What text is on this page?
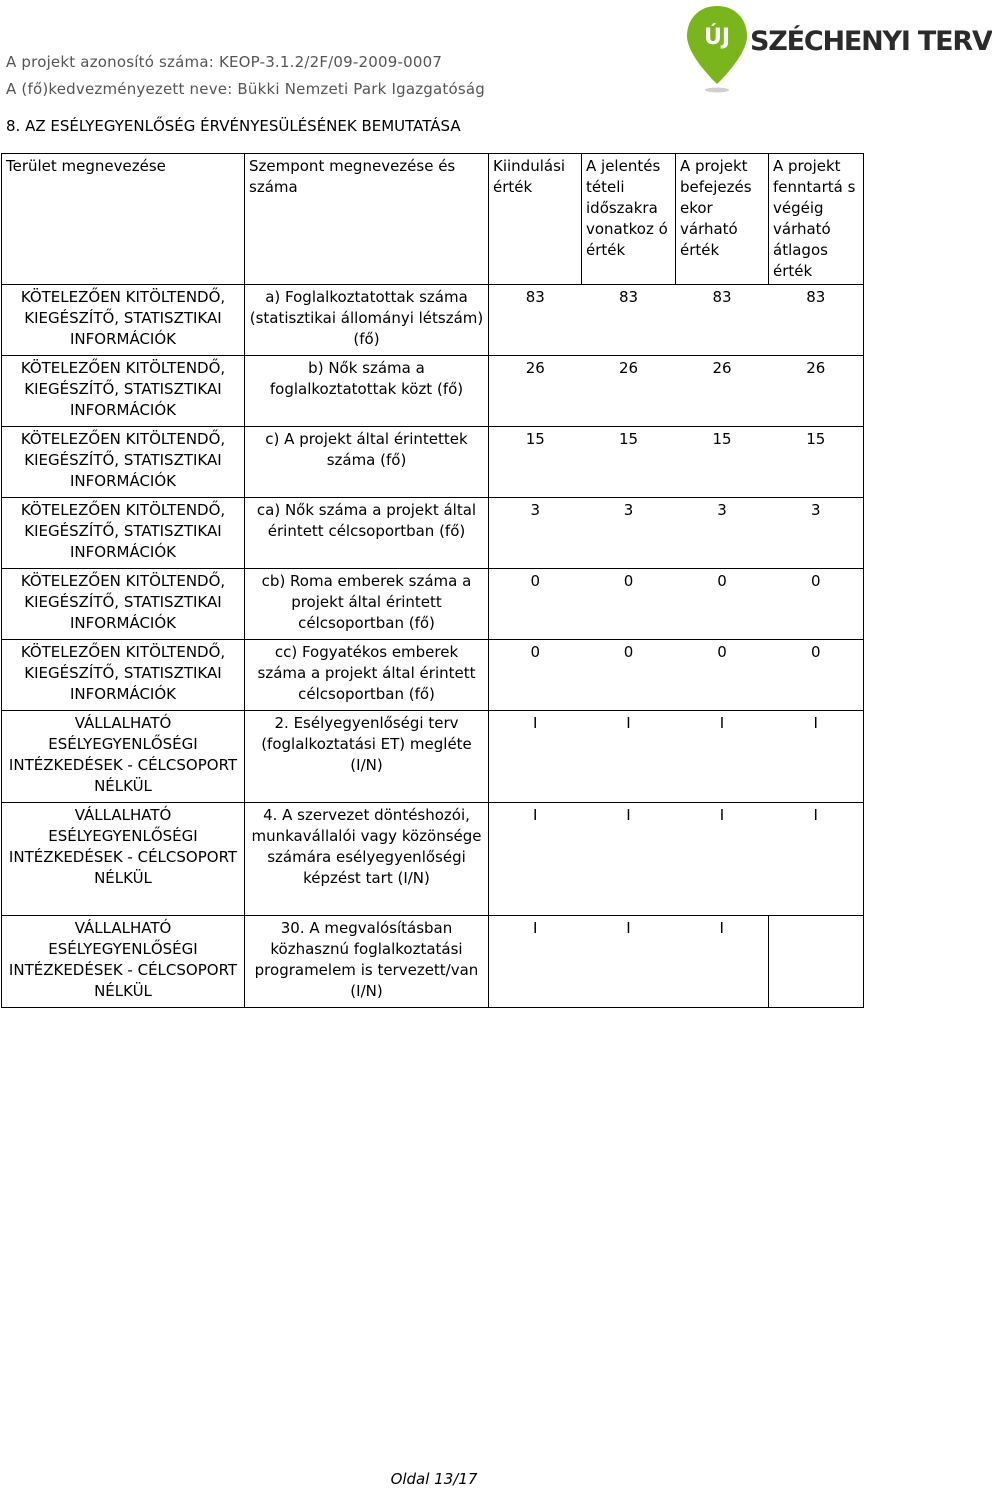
A projekt azonosító száma: KEOP-3.1.2/2F/09-2009-0007
A (fő)kedvezményezett neve: Bükki Nemzeti Park Igazgatóság
ÚJ SZÉCHENYI TERV
8. AZ ESÉLYEGYENLŐSÉG ÉRVÉNYESÜLÉSÉNEK BEMUTATÁSA
Terület megnevezése	Szempont megnevezése és száma	Kiindulási érték	A jelentés tételi időszakra vonatkoz ó érték	A projekt befejezés ekor várható érték	A projekt fenntartá s végéig várható átlagos érték
KÖTELEZŐEN KITÖLTENDŐ, KIEGÉSZÍTŐ, STATISZTIKAI INFORMÁCIÓK	a) Foglalkoztatottak száma (statisztikai állományi létszám) (fő)	83	83	83	83
KÖTELEZŐEN KITÖLTENDŐ, KIEGÉSZÍTŐ, STATISZTIKAI INFORMÁCIÓK	b) Nők száma a foglalkoztatottak közt (fő)	26	26	26	26
KÖTELEZŐEN KITÖLTENDŐ, KIEGÉSZÍTŐ, STATISZTIKAI INFORMÁCIÓK	c) A projekt által érintettek száma (fő)	15	15	15	15
KÖTELEZŐEN KITÖLTENDŐ, KIEGÉSZÍTŐ, STATISZTIKAI INFORMÁCIÓK	ca) Nők száma a projekt által érintett célcsoportban (fő)	3	3	3	3
KÖTELEZŐEN KITÖLTENDŐ, KIEGÉSZÍTŐ, STATISZTIKAI INFORMÁCIÓK	cb) Roma emberek száma a projekt által érintett célcsoportban (fő)	0	0	0	0
KÖTELEZŐEN KITÖLTENDŐ, KIEGÉSZÍTŐ, STATISZTIKAI INFORMÁCIÓK	cc) Fogyatékos emberek száma a projekt által érintett célcsoportban (fő)	0	0	0	0
VÁLLALHATÓ ESÉLYEGYENLŐSÉGI INTÉZKEDÉSEK - CÉLCSOPORT NÉLKÜL	2. Esélyegyenlőségi terv (foglalkoztatási ET) megléte (I/N)	I	I	I	I
VÁLLALHATÓ ESÉLYEGYENLŐSÉGI INTÉZKEDÉSEK - CÉLCSOPORT NÉLKÜL	4. A szervezet döntéshozói, munkavállalói vagy közönsége számára esélyegyenlőségi képzést tart (I/N)	I	I	I	I
VÁLLALHATÓ ESÉLYEGYENLŐSÉGI INTÉZKEDÉSEK - CÉLCSOPORT NÉLKÜL	30. A megvalósításban közhasznú foglalkoztatási programelem is tervezett/van (I/N)	I	I	I	
Oldal 13/17
